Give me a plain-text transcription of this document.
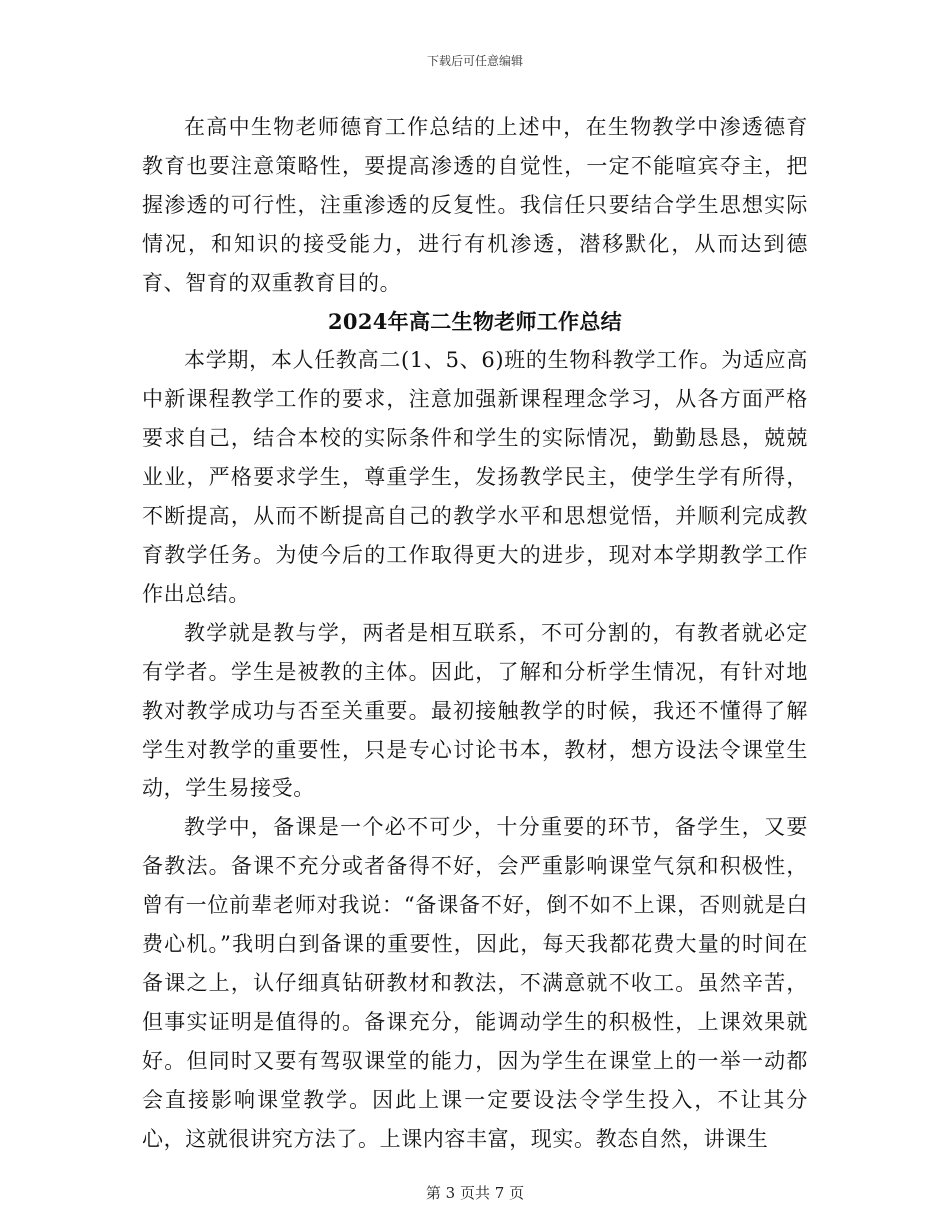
下载后可任意编辑

在高中生物老师德育工作总结的上述中，在生物教学中渗透德育教育也要注意策略性，要提高渗透的自觉性，一定不能喧宾夺主，把握渗透的可行性，注重渗透的反复性。我信任只要结合学生思想实际情况，和知识的接受能力，进行有机渗透，潜移默化，从而达到德育、智育的双重教育目的。

2024年高二生物老师工作总结

本学期，本人任教高二(1、5、6)班的生物科教学工作。为适应高中新课程教学工作的要求，注意加强新课程理念学习，从各方面严格要求自己，结合本校的实际条件和学生的实际情况，勤勤恳恳，兢兢业业，严格要求学生，尊重学生，发扬教学民主，使学生学有所得，不断提高，从而不断提高自己的教学水平和思想觉悟，并顺利完成教育教学任务。为使今后的工作取得更大的进步，现对本学期教学工作作出总结。

教学就是教与学，两者是相互联系，不可分割的，有教者就必定有学者。学生是被教的主体。因此，了解和分析学生情况，有针对地教对教学成功与否至关重要。最初接触教学的时候，我还不懂得了解学生对教学的重要性，只是专心讨论书本，教材，想方设法令课堂生动，学生易接受。

教学中，备课是一个必不可少，十分重要的环节，备学生，又要备教法。备课不充分或者备得不好，会严重影响课堂气氛和积极性，曾有一位前辈老师对我说：“备课备不好，倒不如不上课，否则就是白费心机。”我明白到备课的重要性，因此，每天我都花费大量的时间在备课之上，认仔细真钻研教材和教法，不满意就不收工。虽然辛苦，但事实证明是值得的。备课充分，能调动学生的积极性，上课效果就好。但同时又要有驾驭课堂的能力，因为学生在课堂上的一举一动都会直接影响课堂教学。因此上课一定要设法令学生投入，不让其分心，这就很讲究方法了。上课内容丰富，现实。教态自然，讲课生

第 3 页共 7 页
